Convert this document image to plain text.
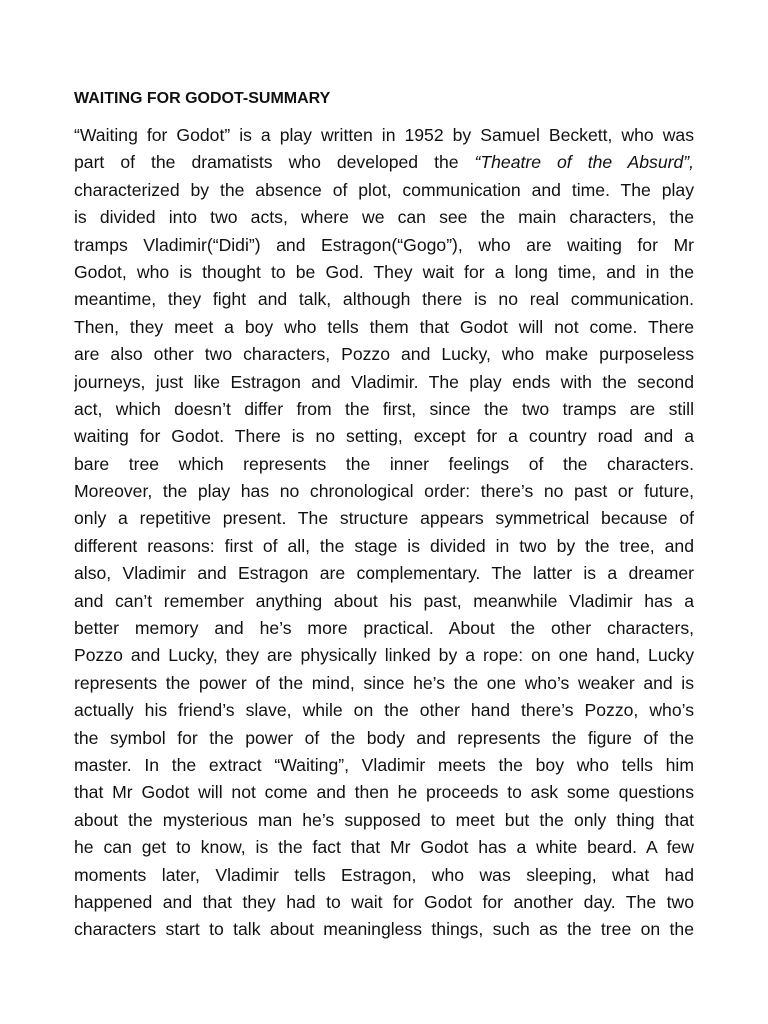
WAITING FOR GODOT-SUMMARY
“Waiting for Godot” is a play written in 1952 by Samuel Beckett, who was
part of the dramatists who developed the “Theatre of the Absurd”,
characterized by the absence of plot, communication and time. The play
is divided into two acts, where we can see the main characters, the
tramps Vladimir(“Didi”) and Estragon(“Gogo”), who are waiting for Mr
Godot, who is thought to be God. They wait for a long time, and in the
meantime, they fight and talk, although there is no real communication.
Then, they meet a boy who tells them that Godot will not come. There
are also other two characters, Pozzo and Lucky, who make purposeless
journeys, just like Estragon and Vladimir. The play ends with the second
act, which doesn’t differ from the first, since the two tramps are still
waiting for Godot. There is no setting, except for a country road and a
bare tree which represents the inner feelings of the characters.
Moreover, the play has no chronological order: there’s no past or future,
only a repetitive present. The structure appears symmetrical because of
different reasons: first of all, the stage is divided in two by the tree, and
also, Vladimir and Estragon are complementary. The latter is a dreamer
and can’t remember anything about his past, meanwhile Vladimir has a
better memory and he’s more practical. About the other characters,
Pozzo and Lucky, they are physically linked by a rope: on one hand, Lucky
represents the power of the mind, since he’s the one who’s weaker and is
actually his friend’s slave, while on the other hand there’s Pozzo, who’s
the symbol for the power of the body and represents the figure of the
master. In the extract “Waiting”, Vladimir meets the boy who tells him
that Mr Godot will not come and then he proceeds to ask some questions
about the mysterious man he’s supposed to meet but the only thing that
he can get to know, is the fact that Mr Godot has a white beard. A few
moments later, Vladimir tells Estragon, who was sleeping, what had
happened and that they had to wait for Godot for another day. The two
characters start to talk about meaningless things, such as the tree on the
